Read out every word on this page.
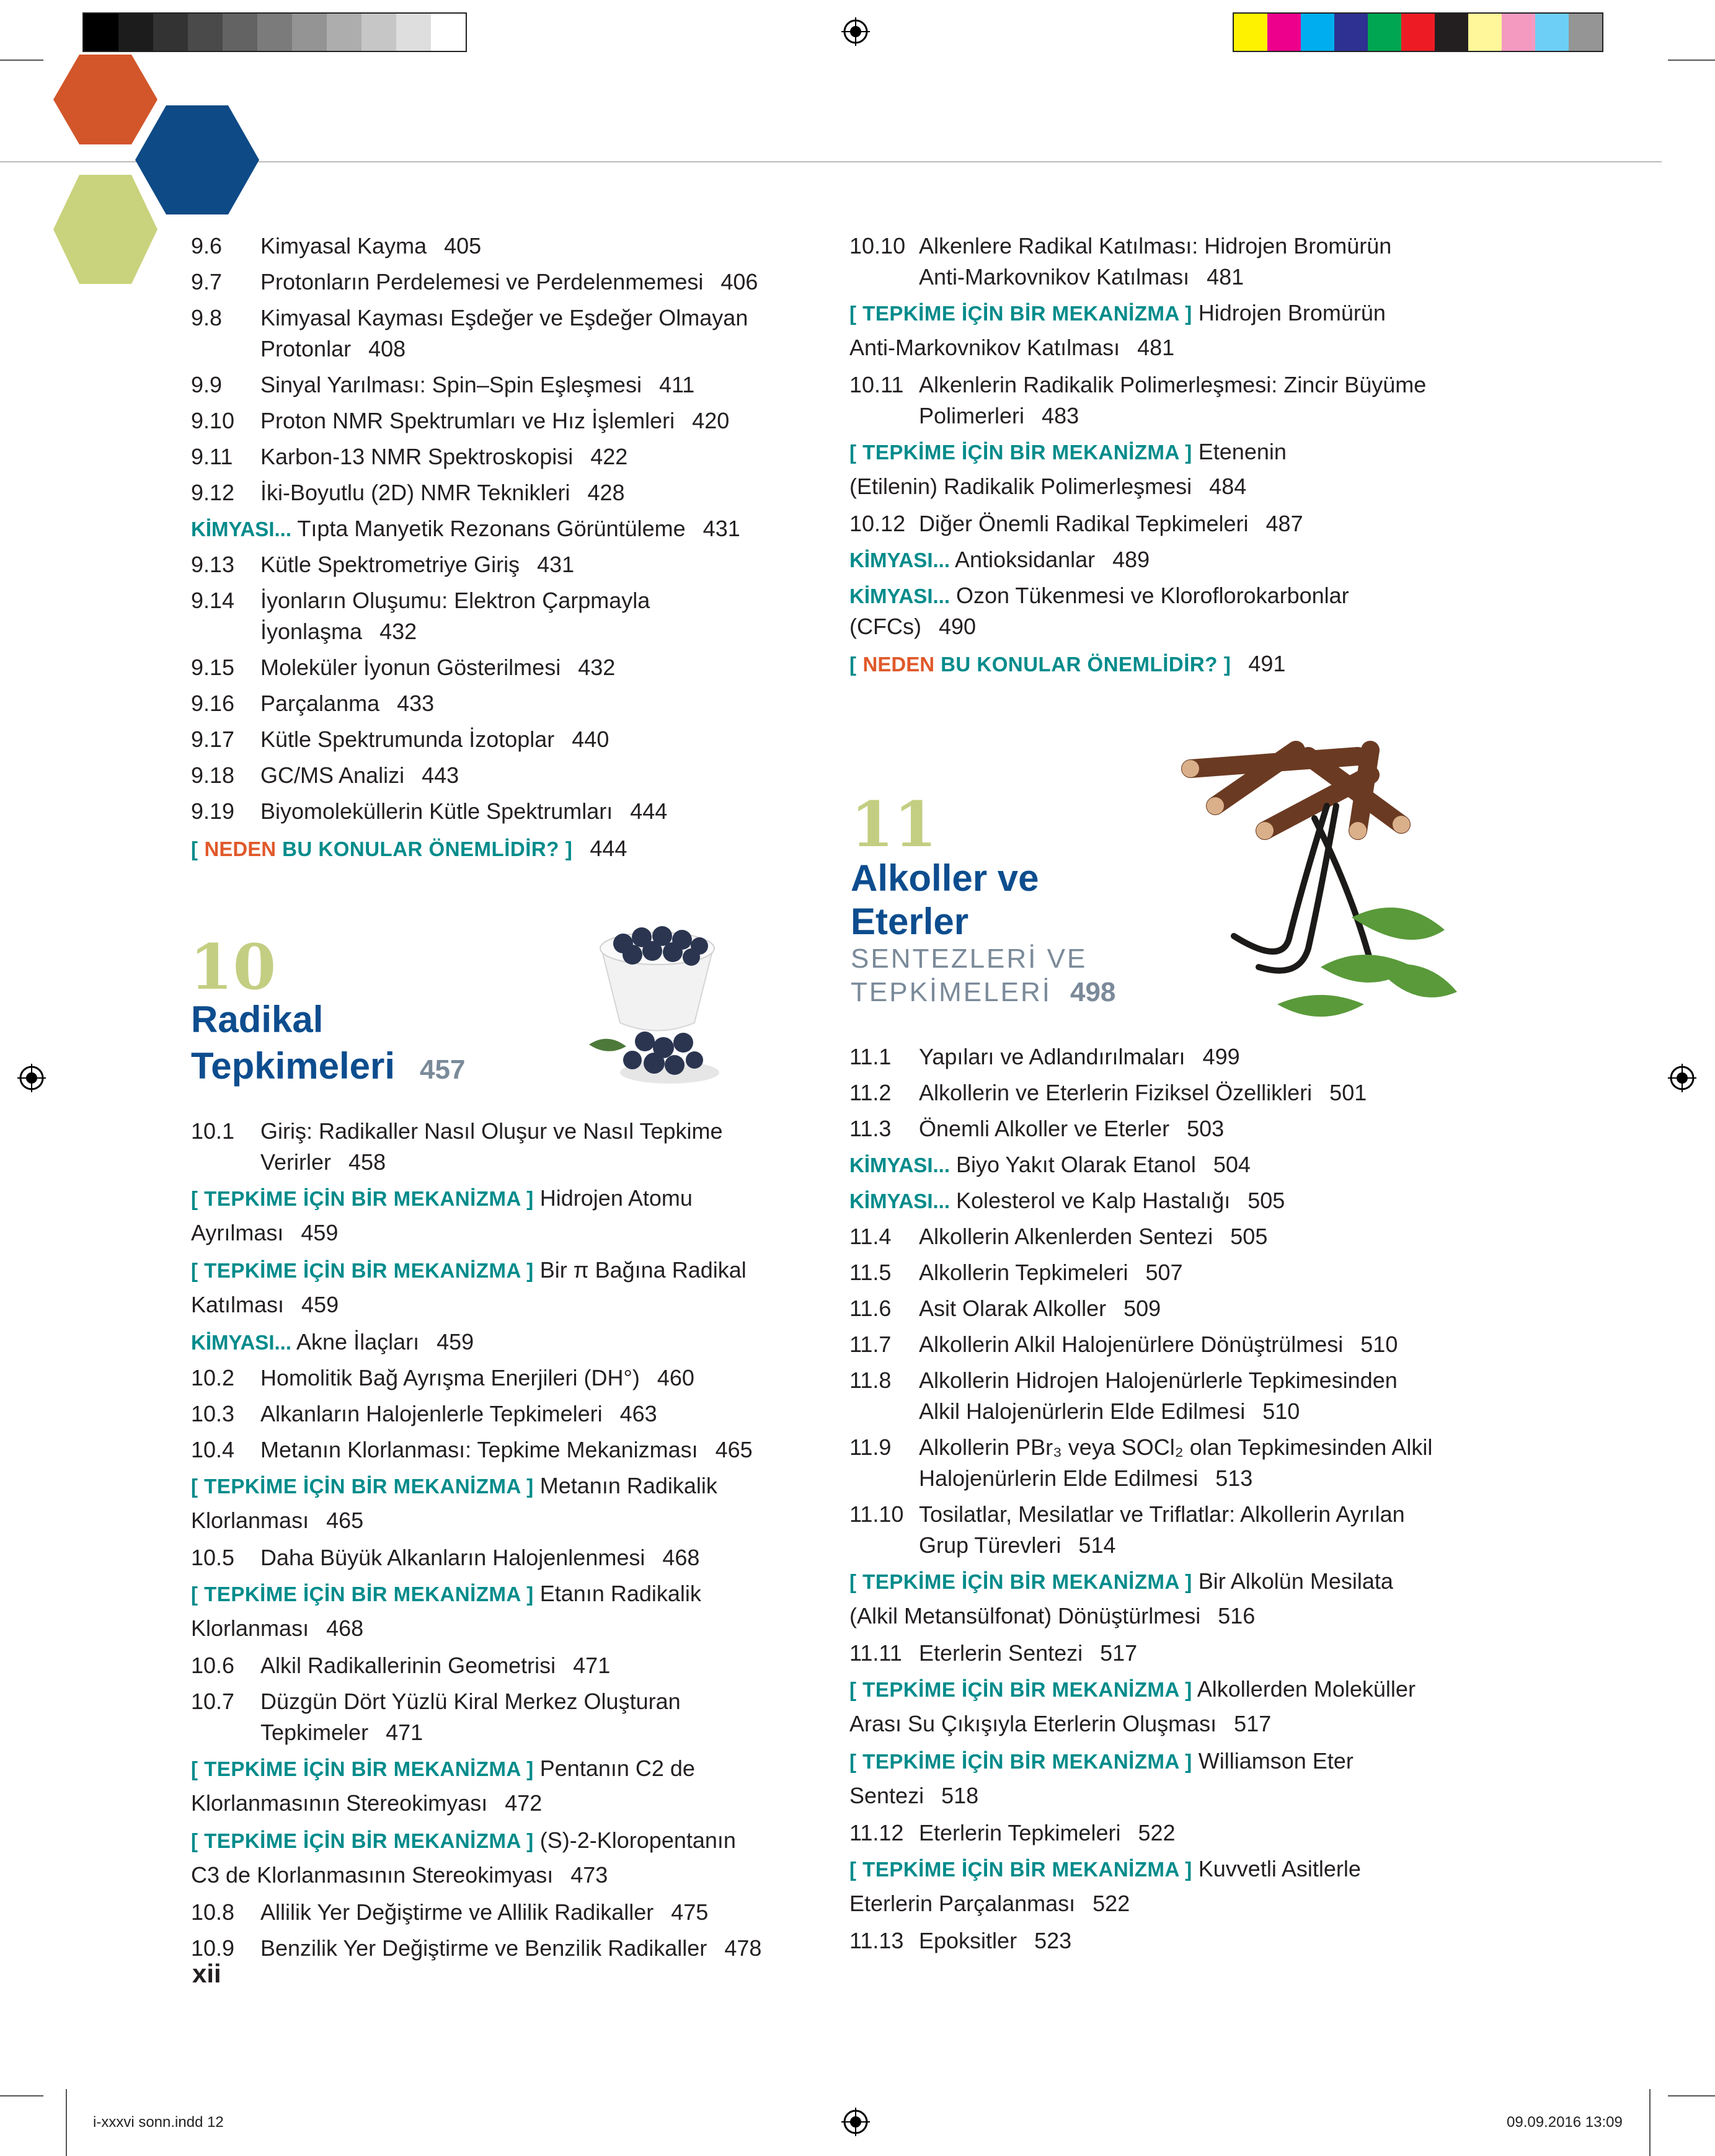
9.6 Kimyasal Kayma 405
9.7 Protonların Perdelemesi ve Perdelenmemesi 406
9.8 Kimyasal Kayması Eşdeğer ve Eşdeğer Olmayan
Protonlar 408
9.9 Sinyal Yarılması: Spin–Spin Eşleşmesi 411
9.10 Proton NMR Spektrumları ve Hız İşlemleri 420
9.11 Karbon-13 NMR Spektroskopisi 422
9.12 İki-Boyutlu (2D) NMR Teknikleri 428
KİMYASI... Tıpta Manyetik Rezonans Görüntüleme 431
9.13 Kütle Spektrometriye Giriş 431
9.14 İyonların Oluşumu: Elektron Çarpmayla
İyonlaşma 432
9.15 Moleküler İyonun Gösterilmesi 432
9.16 Parçalanma 433
9.17 Kütle Spektrumunda İzotoplar 440
9.18 GC/MS Analizi 443
9.19 Biyomoleküllerin Kütle Spektrumları 444
[ NEDEN BU KONULAR ÖNEMLİDİR? ] 444
10.1 Giriş: Radikaller Nasıl Oluşur ve Nasıl Tepkime
Verirler 458
[ TEPKİME İÇİN BİR MEKANİZMA ] Hidrojen Atomu
Ayrılması 459
[ TEPKİME İÇİN BİR MEKANİZMA ] Bir π Bağına Radikal
Katılması 459
KİMYASI... Akne İlaçları 459
10.2 Homolitik Bağ Ayrışma Enerjileri (DH°) 460
10.3 Alkanların Halojenlerle Tepkimeleri 463
10.4 Metanın Klorlanması: Tepkime Mekanizması 465
[ TEPKİME İÇİN BİR MEKANİZMA ] Metanın Radikalik
Klorlanması 465
10.5 Daha Büyük Alkanların Halojenlenmesi 468
[ TEPKİME İÇİN BİR MEKANİZMA ] Etanın Radikalik
Klorlanması 468
10.6 Alkil Radikallerinin Geometrisi 471
10.7 Düzgün Dört Yüzlü Kiral Merkez Oluşturan
Tepkimeler 471
[ TEPKİME İÇİN BİR MEKANİZMA ] Pentanın C2 de
Klorlanmasının Stereokimyası 472
[ TEPKİME İÇİN BİR MEKANİZMA ] (S)-2-Kloropentanın
C3 de Klorlanmasının Stereokimyası 473
10.8 Allilik Yer Değiştirme ve Allilik Radikaller 475
10.9 Benzilik Yer Değiştirme ve Benzilik Radikaller 478
10
Radikal
Tepkimeleri 457
10.10 Alkenlere Radikal Katılması: Hidrojen Bromürün
Anti-Markovnikov Katılması 481
[ TEPKİME İÇİN BİR MEKANİZMA ] Hidrojen Bromürün
Anti-Markovnikov Katılması 481
10.11 Alkenlerin Radikalik Polimerleşmesi: Zincir Büyüme
Polimerleri 483
[ TEPKİME İÇİN BİR MEKANİZMA ] Etenenin
(Etilenin) Radikalik Polimerleşmesi 484
10.12 Diğer Önemli Radikal Tepkimeleri 487
KİMYASI... Antioksidanlar 489
KİMYASI... Ozon Tükenmesi ve Kloroflorokarbonlar
(CFCs) 490
[ NEDEN BU KONULAR ÖNEMLİDİR? ] 491
11.1 Yapıları ve Adlandırılmaları 499
11.2 Alkollerin ve Eterlerin Fiziksel Özellikleri 501
11.3 Önemli Alkoller ve Eterler 503
KİMYASI... Biyo Yakıt Olarak Etanol 504
KİMYASI... Kolesterol ve Kalp Hastalığı 505
11.4 Alkollerin Alkenlerden Sentezi 505
11.5 Alkollerin Tepkimeleri 507
11.6 Asit Olarak Alkoller 509
11.7 Alkollerin Alkil Halojenürlere Dönüştrülmesi 510
11.8 Alkollerin Hidrojen Halojenürlerle Tepkimesinden
Alkil Halojenürlerin Elde Edilmesi 510
11.9 Alkollerin PBr₃ veya SOCl₂ olan Tepkimesinden Alkil
Halojenürlerin Elde Edilmesi 513
11.10 Tosilatlar, Mesilatlar ve Triflatlar: Alkollerin Ayrılan
Grup Türevleri 514
[ TEPKİME İÇİN BİR MEKANİZMA ] Bir Alkolün Mesilata
(Alkil Metansülfonat) Dönüştürlmesi 516
11.11 Eterlerin Sentezi 517
[ TEPKİME İÇİN BİR MEKANİZMA ] Alkollerden Moleküller
Arası Su Çıkışıyla Eterlerin Oluşması 517
[ TEPKİME İÇİN BİR MEKANİZMA ] Williamson Eter
Sentezi 518
11.12 Eterlerin Tepkimeleri 522
[ TEPKİME İÇİN BİR MEKANİZMA ] Kuvvetli Asitlerle
Eterlerin Parçalanması 522
11.13 Epoksitler 523
11
Alkoller ve
Eterler
SENTEZLERİ VE
TEPKİMELERİ 498
xii
i-xxxvi sonn.indd 12	09.09.2016 13:09
